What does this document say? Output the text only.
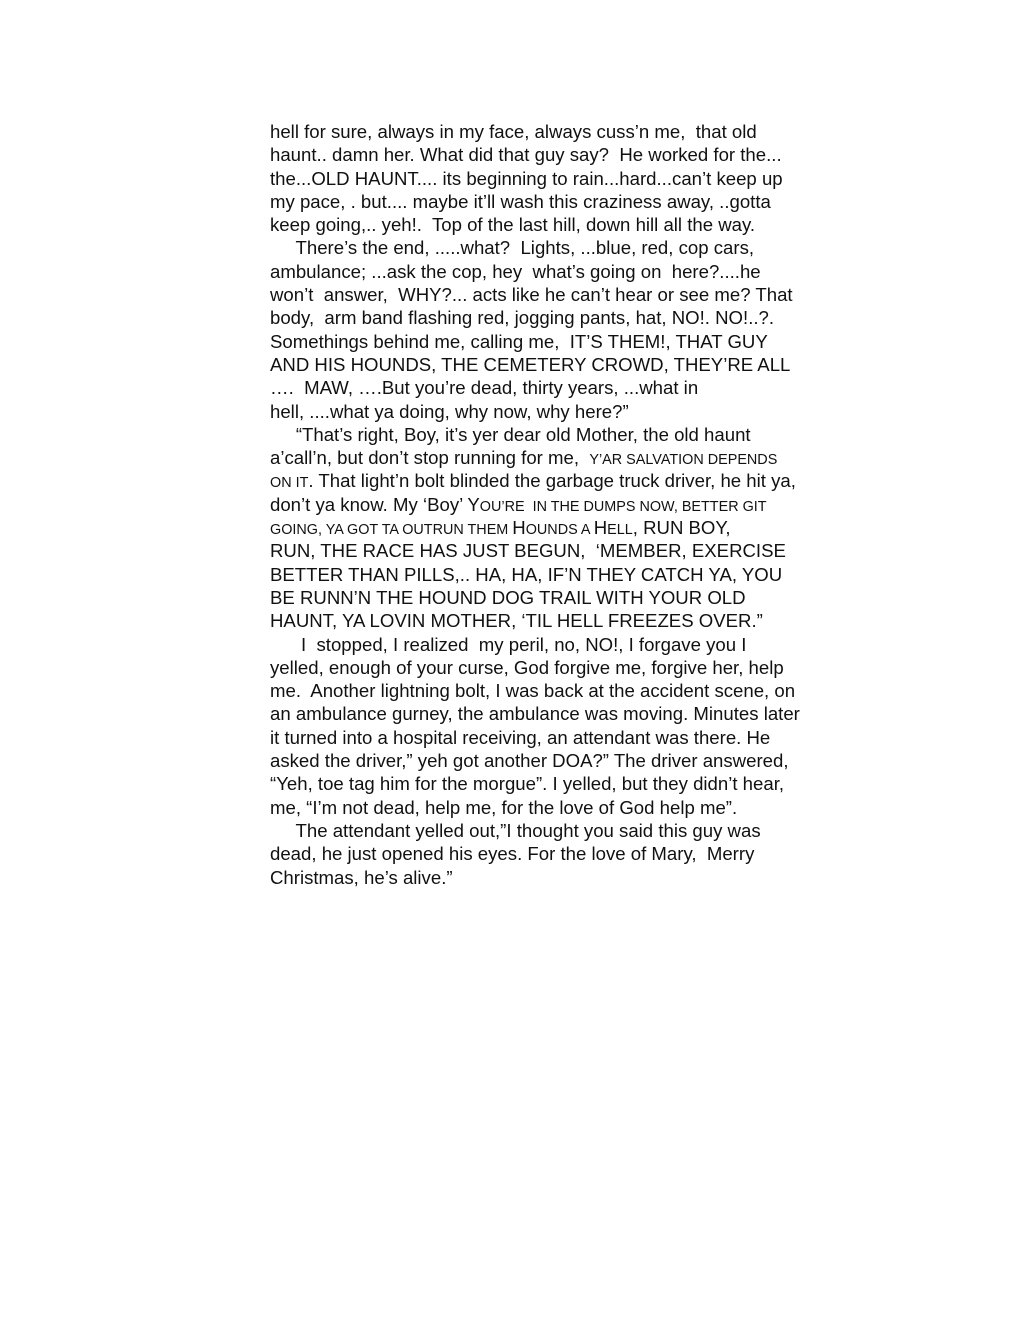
hell for sure, always in my face, always cuss’n me,  that old
haunt.. damn her. What did that guy say?  He worked for the...
the...OLD HAUNT.... its beginning to rain...hard...can’t keep up
my pace, . but.... maybe it’ll wash this craziness away, ..gotta
keep going,.. yeh!.  Top of the last hill, down hill all the way.
There’s the end, .....what?  Lights, ...blue, red, cop cars,
ambulance; ...ask the cop, hey  what’s going on  here?....he
won’t  answer,  WHY?... acts like he can’t hear or see me? That
body,  arm band flashing red, jogging pants, hat, NO!. NO!..?.
Somethings behind me, calling me,  IT’S THEM!, THAT GUY
AND HIS HOUNDS, THE CEMETERY CROWD, THEY’RE ALL
….  MAW, ….But you’re dead, thirty years, ...what in
hell, ....what ya doing, why now, why here?”
“That’s right, Boy, it’s yer dear old Mother, the old haunt
a’call’n, but don’t stop running for me,  Y’AR SALVATION DEPENDS
ON IT. That light’n bolt blinded the garbage truck driver, he hit ya,
don’t ya know. My ‘Boy’ YOU’RE  IN THE DUMPS NOW, BETTER GIT
GOING, YA GOT TA OUTRUN THEM HOUNDS A HELL, RUN BOY,
RUN, THE RACE HAS JUST BEGUN,  ‘MEMBER, EXERCISE
BETTER THAN PILLS,.. HA, HA, IF’N THEY CATCH YA, YOU
BE RUNN’N THE HOUND DOG TRAIL WITH YOUR OLD
HAUNT, YA LOVIN MOTHER, ‘TIL HELL FREEZES OVER.”
I  stopped, I realized  my peril, no, NO!, I forgave you I
yelled, enough of your curse, God forgive me, forgive her, help
me.  Another lightning bolt, I was back at the accident scene, on
an ambulance gurney, the ambulance was moving. Minutes later
it turned into a hospital receiving, an attendant was there. He
asked the driver,” yeh got another DOA?” The driver answered,
“Yeh, toe tag him for the morgue”. I yelled, but they didn’t hear,
me, “I’m not dead, help me, for the love of God help me”.
The attendant yelled out,”I thought you said this guy was
dead, he just opened his eyes. For the love of Mary,  Merry
Christmas, he’s alive.”
